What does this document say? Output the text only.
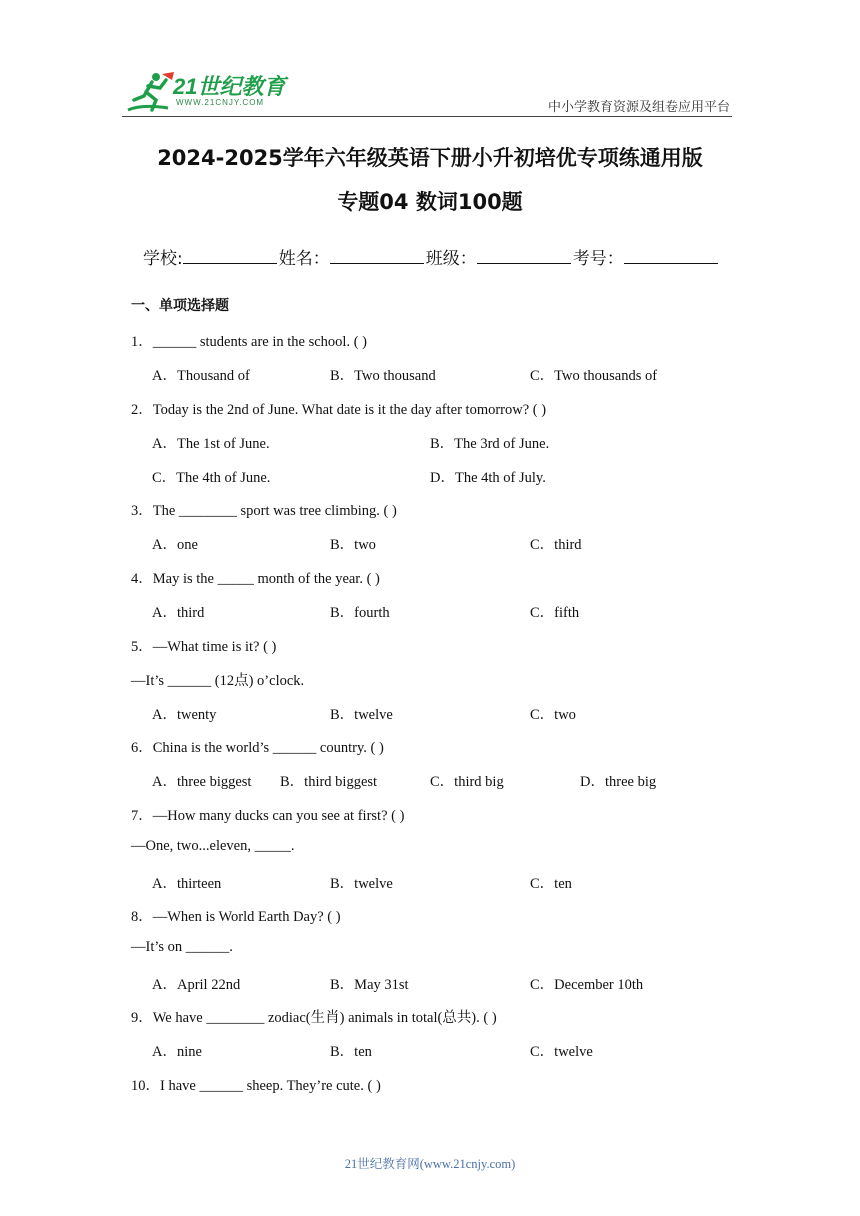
21世纪教育
WWW.21CNJY.COM	中小学教育资源及组卷应用平台
2024-2025学年六年级英语下册小升初培优专项练通用版
专题04 数词100题
学校:	姓名：	班级：	考号：
一、单项选择题
1．______ students are in the school. ( )
A．Thousand of	B．Two thousand	C．Two thousands of
2．Today is the 2nd of June. What date is it the day after tomorrow? ( )
A．The 1st of June.	B．The 3rd of June.
C．The 4th of June.	D．The 4th of July.
3．The ________ sport was tree climbing. ( )
A．one	B．two	C．third
4．May is the _____ month of the year. ( )
A．third	B．fourth	C．fifth
5．—What time is it? ( )
—It’s ______ (12点) o’clock.
A．twenty	B．twelve	C．two
6．China is the world’s ______ country. ( )
A．three biggest B．third biggest	C．third big	D．three big
7．—How many ducks can you see at first? ( )
—One, two...eleven, _____.
A．thirteen	B．twelve	C．ten
8．—When is World Earth Day? ( )
—It’s on ______.
A．April 22nd	B．May 31st	C．December 10th
9．We have ________ zodiac(生肖) animals in total(总共). ( )
A．nine	B．ten	C．twelve
10．I have ______ sheep. They’re cute. ( )
21世纪教育网(www.21cnjy.com)
